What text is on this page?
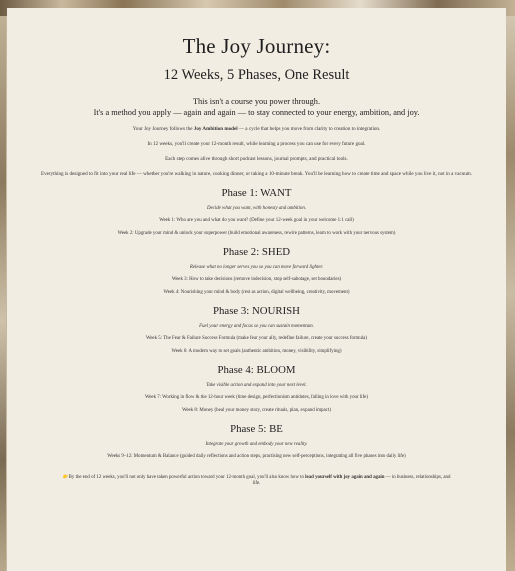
The Joy Journey:
12 Weeks, 5 Phases, One Result

This isn't a course you power through.
It's a method you apply — again and again — to stay connected to your energy, ambition, and joy.

Your Joy Journey follows the Joy Ambition model — a cycle that helps you move from clarity to creation to integration.

In 12 weeks, you'll create your 12-month result, while learning a process you can use for every future goal.

Each step comes alive through short podcast lessons, journal prompts, and practical tools.

Everything is designed to fit into your real life — whether you're walking in nature, cooking dinner, or taking a 10-minute break. You'll be learning how to create time and space while you live it, not in a vacuum.

Phase 1: WANT
Decide what you want, with honesty and ambition.
Week 1: Who are you and what do you want? (Define your 12-week goal in your welcome 1:1 call)
Week 2: Upgrade your mind & unlock your superpower (build emotional awareness, rewire patterns, learn to work with your nervous system)
Phase 2: SHED
Release what no longer serves you so you can move forward lighter.
Week 3: How to take decisions (remove indecision, stop self-sabotage, set boundaries)
Week 4: Nourishing your mind & body (rest as action, digital wellbeing, creativity, movement)
Phase 3: NOURISH
Fuel your energy and focus so you can sustain momentum.
Week 5: The Fear & Failure Success Formula (make fear your ally, redefine failure, create your success formula)
Week 6: A modern way to set goals (authentic ambition, money, visibility, simplifying)
Phase 4: BLOOM
Take visible action and expand into your next level.
Week 7: Working in flow & the 12-hour week (time design, perfectionism antidotes, falling in love with your life)
Week 8: Money (heal your money story, create rituals, plan, expand impact)
Phase 5: BE
Integrate your growth and embody your new reality.
Weeks 9–12: Momentum & Balance (guided daily reflections and action steps, practising new self-perceptions, integrating all five phases into daily life)

👉By the end of 12 weeks, you'll not only have taken powerful action toward your 12-month goal, you'll also know how to lead yourself with joy again and again — in business, relationships, and life.
